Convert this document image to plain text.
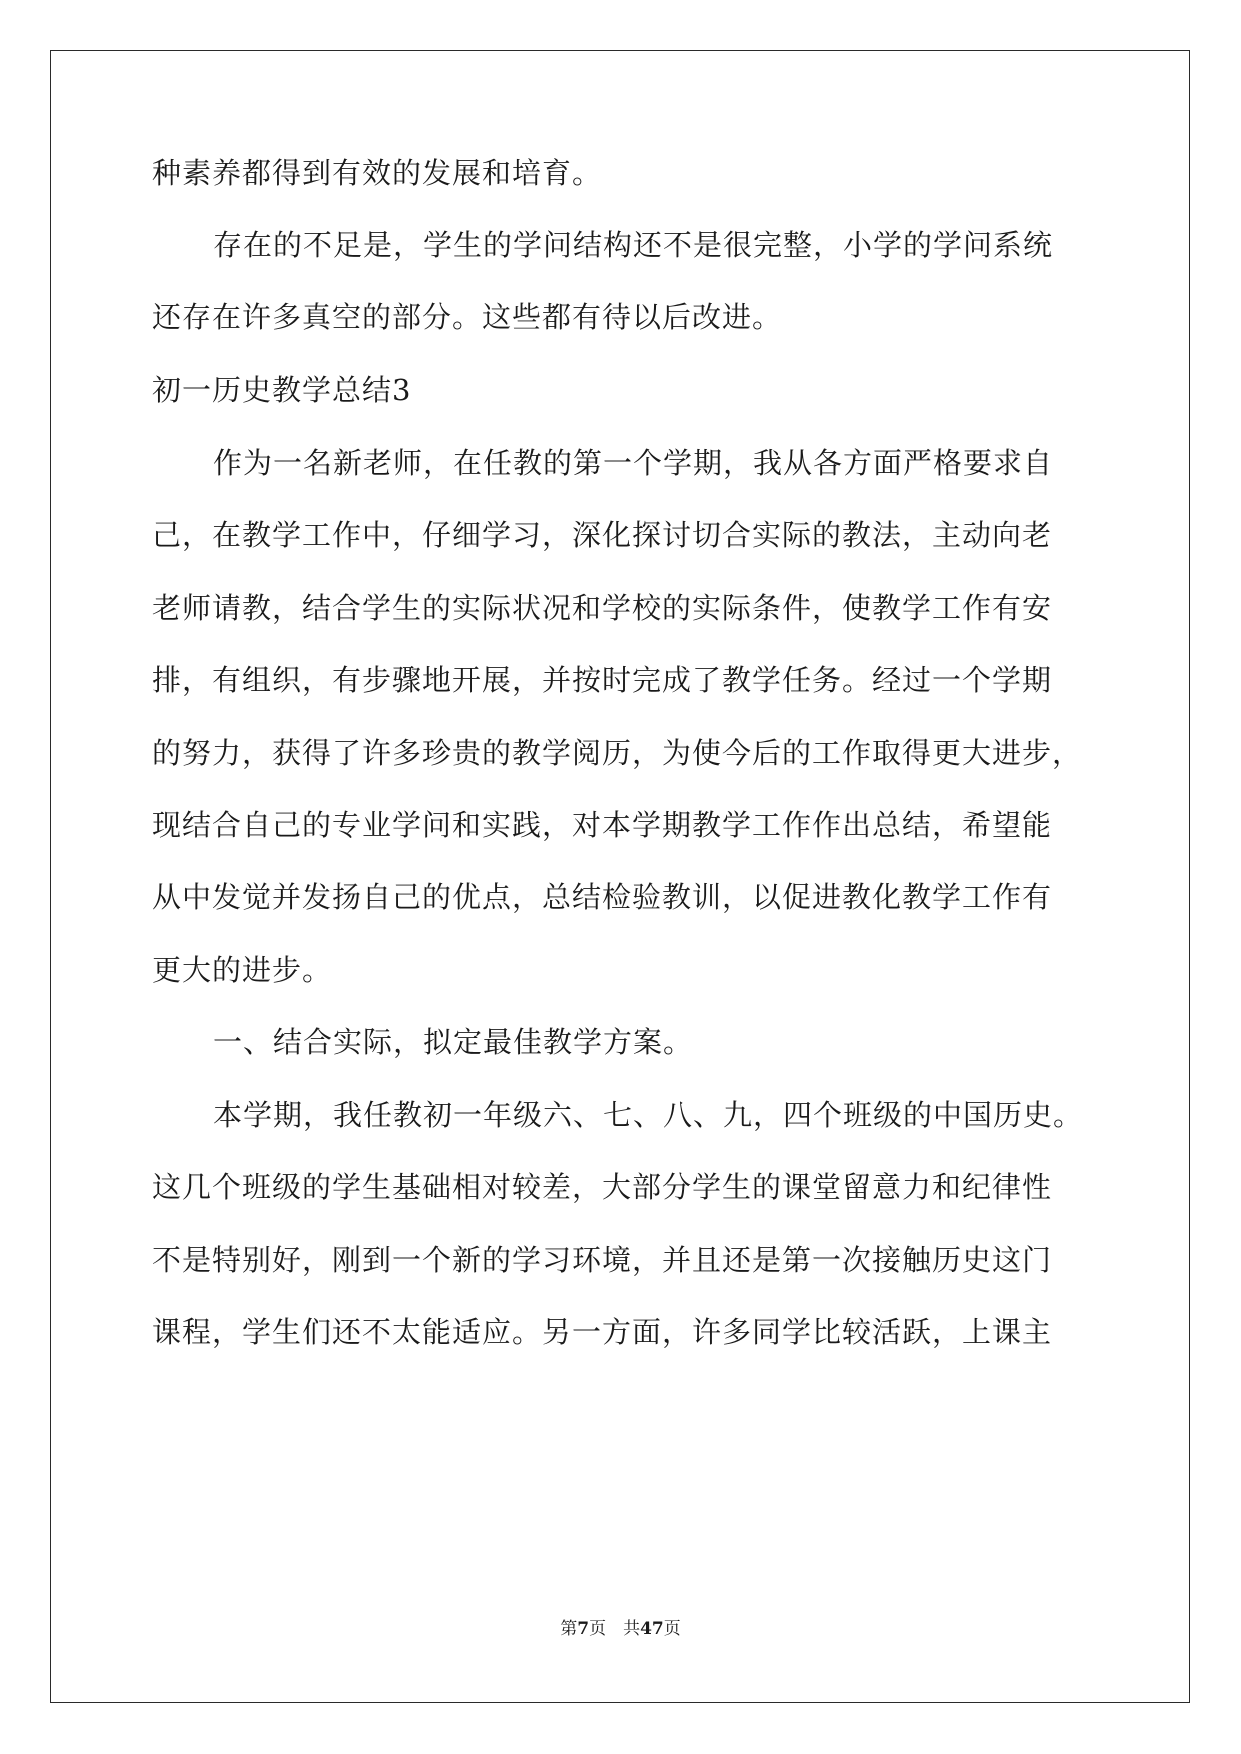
种素养都得到有效的发展和培育。
存在的不足是，学生的学问结构还不是很完整，小学的学问系统
还存在许多真空的部分。这些都有待以后改进。
初一历史教学总结3
作为一名新老师，在任教的第一个学期，我从各方面严格要求自
己，在教学工作中，仔细学习，深化探讨切合实际的教法，主动向老
老师请教，结合学生的实际状况和学校的实际条件，使教学工作有安
排，有组织，有步骤地开展，并按时完成了教学任务。经过一个学期
的努力，获得了许多珍贵的教学阅历，为使今后的工作取得更大进步，
现结合自己的专业学问和实践，对本学期教学工作作出总结，希望能
从中发觉并发扬自己的优点，总结检验教训，以促进教化教学工作有
更大的进步。
一、结合实际，拟定最佳教学方案。
本学期，我任教初一年级六、七、八、九，四个班级的中国历史。
这几个班级的学生基础相对较差，大部分学生的课堂留意力和纪律性
不是特别好，刚到一个新的学习环境，并且还是第一次接触历史这门
课程，学生们还不太能适应。另一方面，许多同学比较活跃，上课主
第7页　共47页
